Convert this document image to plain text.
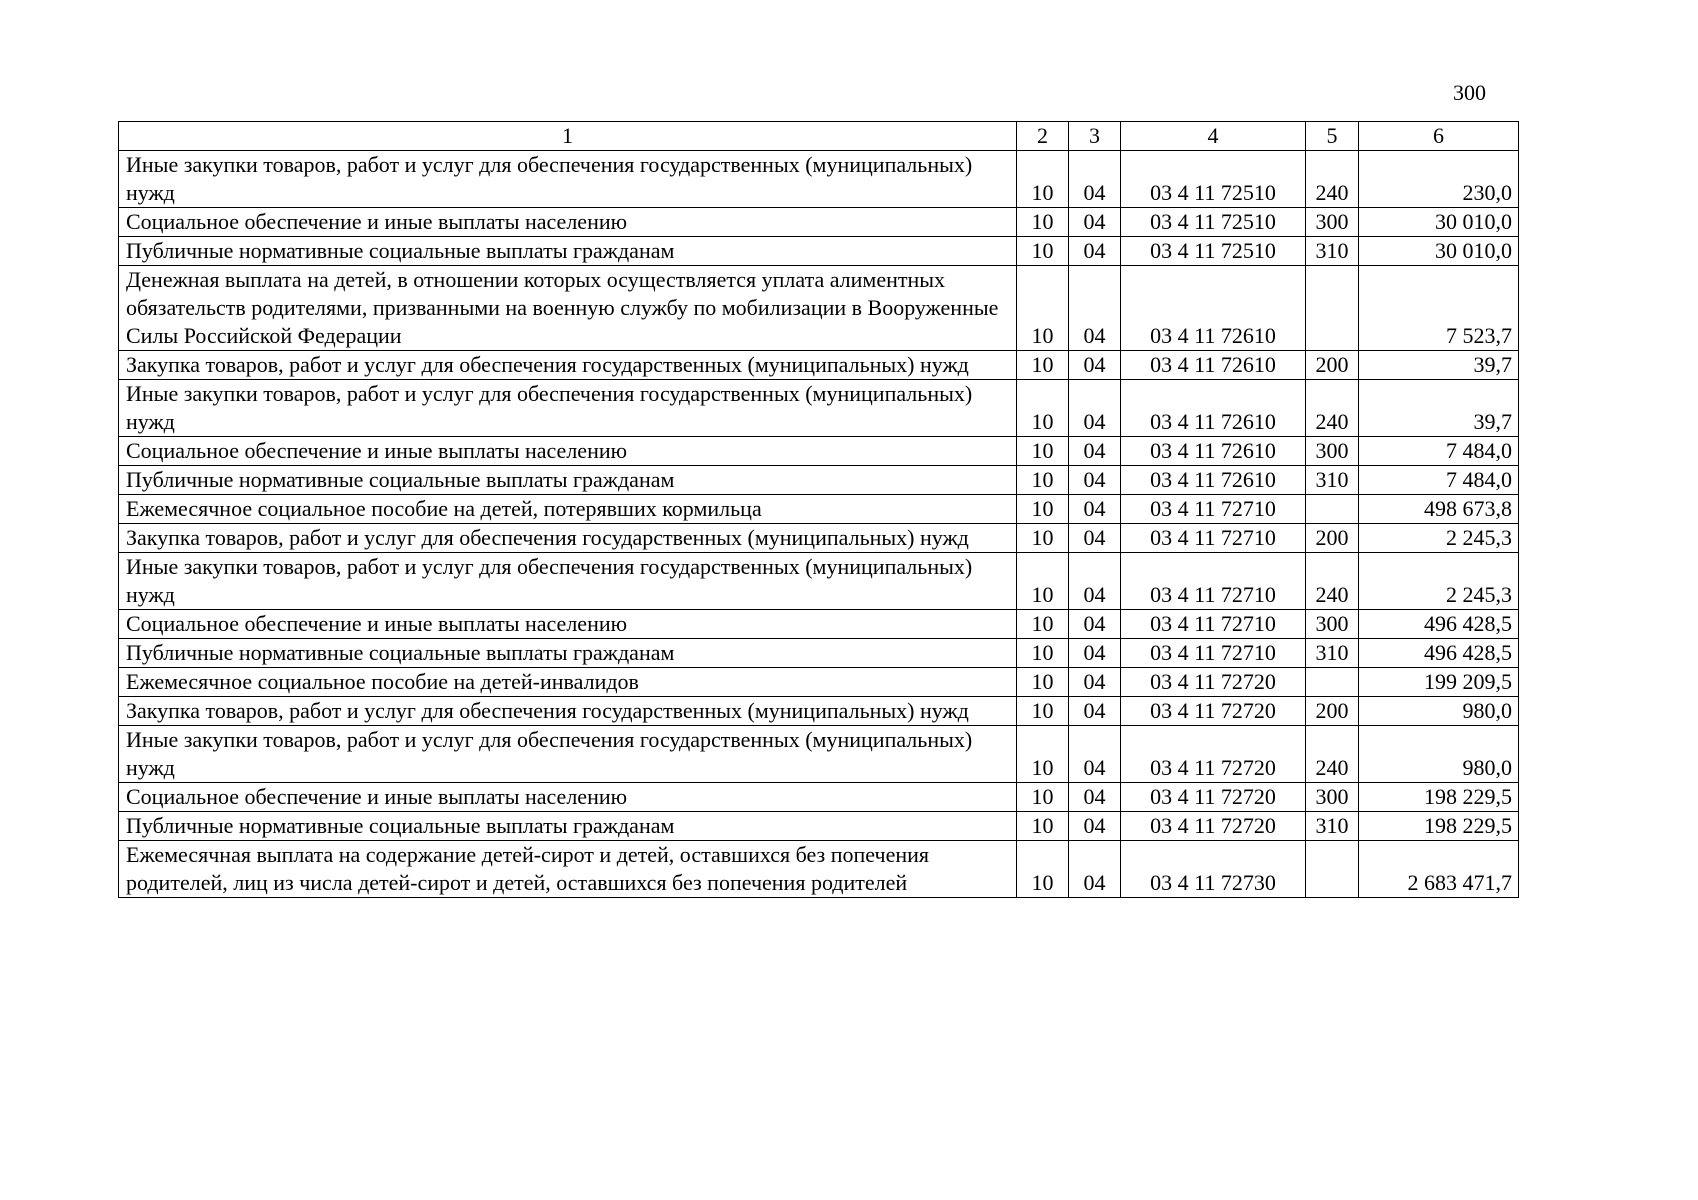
300
1	2	3	4	5	6
Иные закупки товаров, работ и услуг для обеспечения государственных (муниципальных) нужд	10	04	03 4 11 72510	240	230,0
Социальное обеспечение и иные выплаты населению	10	04	03 4 11 72510	300	30 010,0
Публичные нормативные социальные выплаты гражданам	10	04	03 4 11 72510	310	30 010,0
Денежная выплата на детей, в отношении которых осуществляется уплата алиментных обязательств родителями, призванными на военную службу по мобилизации в Вооруженные Силы Российской Федерации	10	04	03 4 11 72610		7 523,7
Закупка товаров, работ и услуг для обеспечения государственных (муниципальных) нужд	10	04	03 4 11 72610	200	39,7
Иные закупки товаров, работ и услуг для обеспечения государственных (муниципальных) нужд	10	04	03 4 11 72610	240	39,7
Социальное обеспечение и иные выплаты населению	10	04	03 4 11 72610	300	7 484,0
Публичные нормативные социальные выплаты гражданам	10	04	03 4 11 72610	310	7 484,0
Ежемесячное социальное пособие на детей, потерявших кормильца	10	04	03 4 11 72710		498 673,8
Закупка товаров, работ и услуг для обеспечения государственных (муниципальных) нужд	10	04	03 4 11 72710	200	2 245,3
Иные закупки товаров, работ и услуг для обеспечения государственных (муниципальных) нужд	10	04	03 4 11 72710	240	2 245,3
Социальное обеспечение и иные выплаты населению	10	04	03 4 11 72710	300	496 428,5
Публичные нормативные социальные выплаты гражданам	10	04	03 4 11 72710	310	496 428,5
Ежемесячное социальное пособие на детей-инвалидов	10	04	03 4 11 72720		199 209,5
Закупка товаров, работ и услуг для обеспечения государственных (муниципальных) нужд	10	04	03 4 11 72720	200	980,0
Иные закупки товаров, работ и услуг для обеспечения государственных (муниципальных) нужд	10	04	03 4 11 72720	240	980,0
Социальное обеспечение и иные выплаты населению	10	04	03 4 11 72720	300	198 229,5
Публичные нормативные социальные выплаты гражданам	10	04	03 4 11 72720	310	198 229,5
Ежемесячная выплата на содержание детей-сирот и детей, оставшихся без попечения родителей, лиц из числа детей-сирот и детей, оставшихся без попечения родителей	10	04	03 4 11 72730		2 683 471,7
